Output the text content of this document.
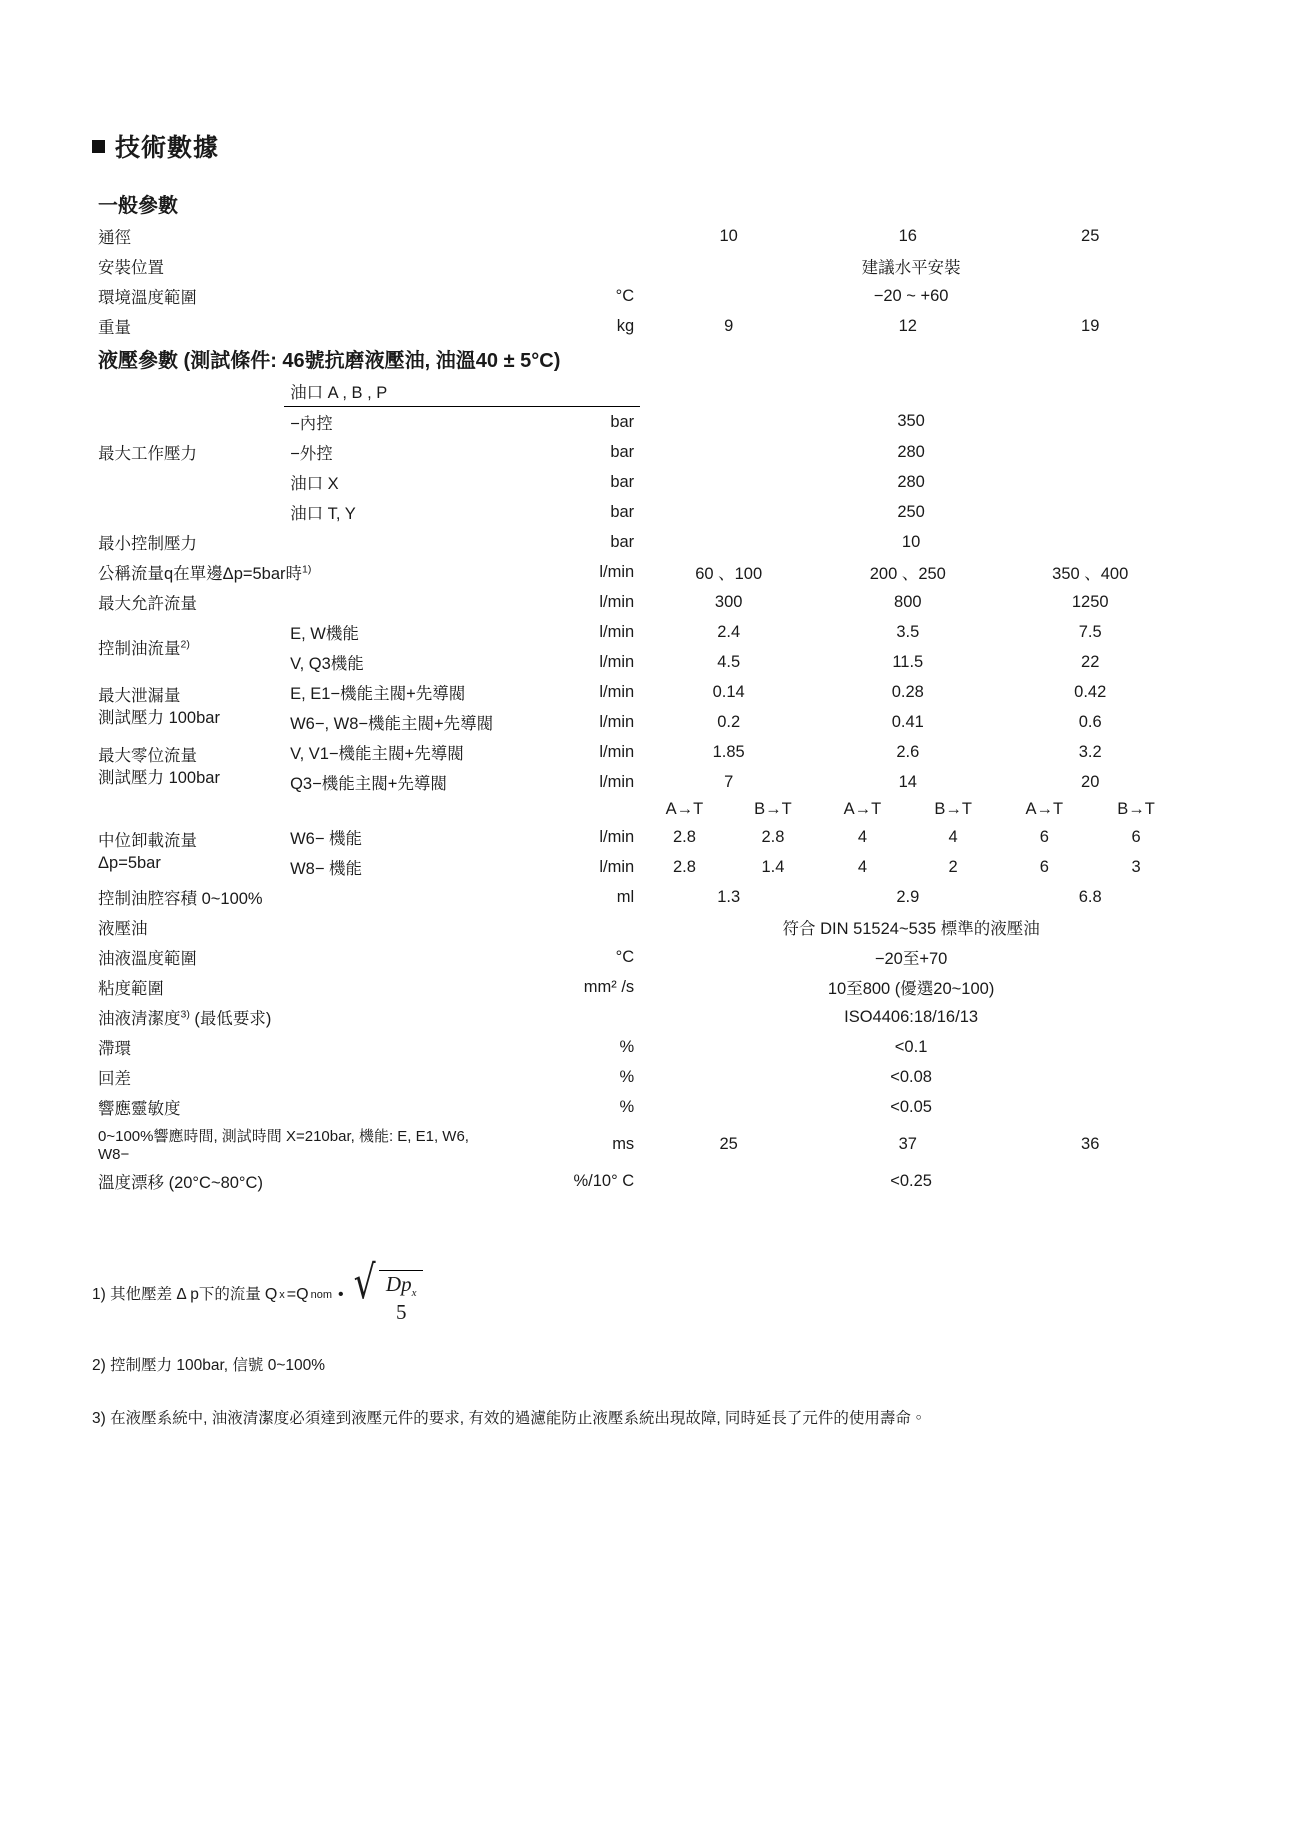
技術數據
一般參數								
通徑			10		16		25	
安裝位置			建議水平安裝					
環境溫度範圍		°C	−20 ~ +60					
重量		kg	9		12		19	
液壓參數 (測試條件: 46號抗磨液壓油, 油溫40 ± 5°C)								
最大工作壓力	油口 A , B , P							
	−內控	bar	350					
	−外控	bar	280					
	油口 X	bar	280					
	油口 T, Y	bar	250					
最小控制壓力		bar	10					
公稱流量q在單邊Δp=5bar時$^{1)}$		l/min	60 、100		200 、250		350 、400	
最大允許流量		l/min	300		800		1250	
控制油流量$^{2)}$	E, W機能	l/min	2.4		3.5		7.5	
	V, Q3機能	l/min	4.5		11.5		22	

最大泄漏量
測試壓力 100bar	E, E1−機能主閥+先導閥	l/min	0.14		0.28		0.42	
	W6−, W8−機能主閥+先導閥	l/min	0.2		0.41		0.6	

最大零位流量
測試壓力 100bar	V, V1−機能主閥+先導閥	l/min	1.85		2.6		3.2	
	Q3−機能主閥+先導閥	l/min	7		14		20	
			A→T	B→T	A→T	B→T	A→T	B→T

中位卸載流量
Δp=5bar	W6− 機能	l/min	2.8	2.8	4	4	6	6
	W8− 機能	l/min	2.8	1.4	4	2	6	3
控制油腔容積 0~100%		ml	1.3		2.9		6.8	
液壓油			符合 DIN 51524~535 標準的液壓油					
油液溫度範圍		°C	−20至+70					
粘度範圍		mm² /s	10至800 (優選20~100)					
油液清潔度$^{3)}$ (最低要求)			ISO4406:18/16/13					
滯環		%	<0.1					
回差		%	<0.08					
響應靈敏度		%	<0.05					
0~100%響應時間, 測試時間 X=210bar, 機能: E, E1, W6, W8−		ms	25		37		36	
溫度漂移 (20°C~80°C)		%/10° C	<0.25					
1) 其他壓差 Δ p下的流量 Q x =Q nom • √ $Dp_x$
5
2) 控制壓力 100bar, 信號 0~100%
3) 在液壓系統中, 油液清潔度必須達到液壓元件的要求, 有效的過濾能防止液壓系統出現故障, 同時延長了元件的使用壽命。
